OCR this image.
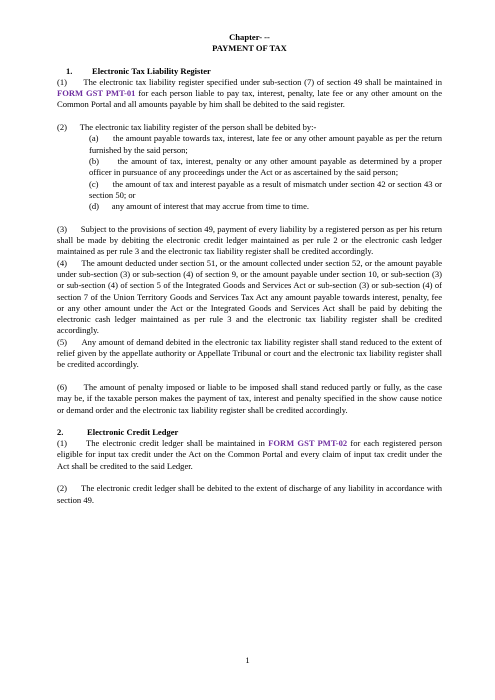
Chapter- --
PAYMENT OF TAX
1. Electronic Tax Liability Register

(1)      The electronic tax liability register specified under sub-section (7) of section 49 shall be maintained in FORM GST PMT-01 for each person liable to pay tax, interest, penalty, late fee or any other amount on the Common Portal and all amounts payable by him shall be debited to the said register.

(2)      The electronic tax liability register of the person shall be debited by:-

(a)      the amount payable towards tax, interest, late fee or any other amount payable as per the return furnished by the said person;

(b)      the amount of tax, interest, penalty or any other amount payable as determined by a proper officer in pursuance of any proceedings under the Act or as ascertained by the said person;

(c)      the amount of tax and interest payable as a result of mismatch under section 42 or section 43 or section 50; or

(d)      any amount of interest that may accrue from time to time.

(3)      Subject to the provisions of section 49, payment of every liability by a registered person as per his return shall be made by debiting the electronic credit ledger maintained as per rule 2 or the electronic cash ledger maintained as per rule 3 and the electronic tax liability register shall be credited accordingly.

(4)      The amount deducted under section 51, or the amount collected under section 52, or the amount payable under sub-section (3) or sub-section (4) of section 9, or the amount payable under section 10, or sub-section (3) or sub-section (4) of section 5 of the Integrated Goods and Services Act or sub-section (3) or sub-section (4) of section 7 of the Union Territory Goods and Services Tax Act any amount payable towards interest, penalty, fee or any other amount under the Act or the Integrated Goods and Services Act shall be paid by debiting the electronic cash ledger maintained as per rule 3 and the electronic tax liability register shall be credited accordingly.

(5)      Any amount of demand debited in the electronic tax liability register shall stand reduced to the extent of relief given by the appellate authority or Appellate Tribunal or court and the electronic tax liability register shall be credited accordingly.

(6)      The amount of penalty imposed or liable to be imposed shall stand reduced partly or fully, as the case may be, if the taxable person makes the payment of tax, interest and penalty specified in the show cause notice or demand order and the electronic tax liability register shall be credited accordingly.

2.	Electronic Credit Ledger

(1)      The electronic credit ledger shall be maintained in FORM GST PMT-02 for each registered person eligible for input tax credit under the Act on the Common Portal and every claim of input tax credit under the Act shall be credited to the said Ledger.

(2)      The electronic credit ledger shall be debited to the extent of discharge of any liability in accordance with section 49.

1
